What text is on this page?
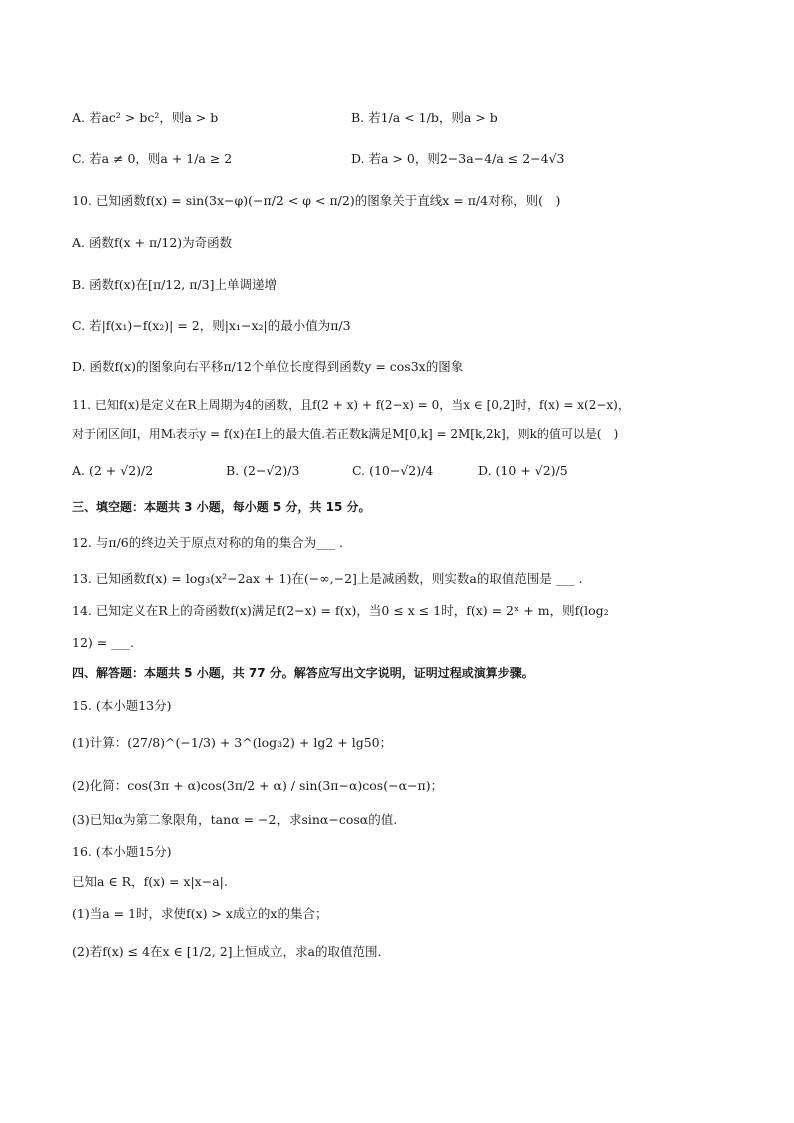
A. 若ac² > bc²，则a > b	B. 若1/a < 1/b，则a > b
C. 若a ≠ 0，则a + 1/a ≥ 2	D. 若a > 0，则2−3a−4/a ≤ 2−4√3
10. 已知函数f(x) = sin(3x−φ)(−π/2 < φ < π/2)的图象关于直线x = π/4对称，则(　)
A. 函数f(x + π/12)为奇函数
B. 函数f(x)在[π/12, π/3]上单调递增
C. 若|f(x₁)−f(x₂)| = 2，则|x₁−x₂|的最小值为π/3
D. 函数f(x)的图象向右平移π/12个单位长度得到函数y = cos3x的图象
11. 已知f(x)是定义在R上周期为4的函数，且f(2 + x) + f(2−x) = 0，当x ∈ [0,2]时，f(x) = x(2−x)，
对于闭区间I，用Mᵢ表示y = f(x)在I上的最大值.若正数k满足M[0,k] = 2M[k,2k]，则k的值可以是(　)
A. (2 + √2)/2	B. (2−√2)/3	C. (10−√2)/4	D. (10 + √2)/5
三、填空题：本题共 3 小题，每小题 5 分，共 15 分。
12. 与π/6的终边关于原点对称的角的集合为___ .
13. 已知函数f(x) = log₃(x²−2ax + 1)在(−∞,−2]上是减函数，则实数a的取值范围是 ___ .
14. 已知定义在R上的奇函数f(x)满足f(2−x) = f(x)，当0 ≤ x ≤ 1时，f(x) = 2ˣ + m，则f(log₂
12) = ___.
四、解答题：本题共 5 小题，共 77 分。解答应写出文字说明，证明过程或演算步骤。
15. (本小题13分)
(1)计算：(27/8)^(−1/3) + 3^(log₃2) + lg2 + lg50；
(2)化简：cos(3π + α)cos(3π/2 + α) / sin(3π−α)cos(−α−π)；
(3)已知α为第二象限角，tanα = −2，求sinα−cosα的值.
16. (本小题15分)
已知a ∈ R，f(x) = x|x−a|.
(1)当a = 1时，求使f(x) > x成立的x的集合；
(2)若f(x) ≤ 4在x ∈ [1/2, 2]上恒成立，求a的取值范围.
